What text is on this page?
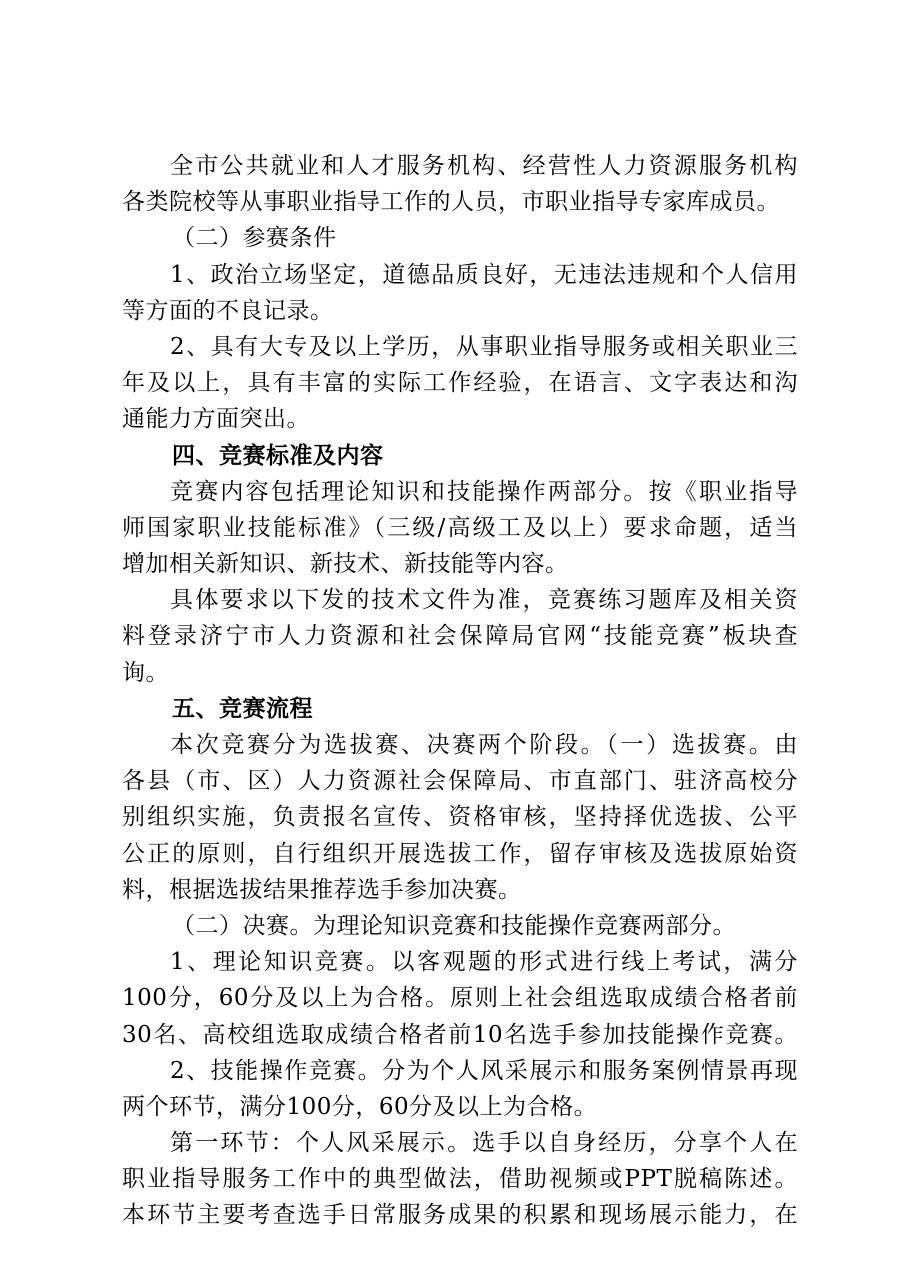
全市公共就业和人才服务机构、经营性人力资源服务机构
各类院校等从事职业指导工作的人员，市职业指导专家库成员。
（二）参赛条件
1、政治立场坚定，道德品质良好，无违法违规和个人信用
等方面的不良记录。
2、具有大专及以上学历，从事职业指导服务或相关职业三
年及以上，具有丰富的实际工作经验，在语言、文字表达和沟
通能力方面突出。
四、竞赛标准及内容
竞赛内容包括理论知识和技能操作两部分。按《职业指导
师国家职业技能标准》（三级/高级工及以上）要求命题，适当
增加相关新知识、新技术、新技能等内容。
具体要求以下发的技术文件为准，竞赛练习题库及相关资
料登录济宁市人力资源和社会保障局官网“技能竞赛”板块查
询。
五、竞赛流程
本次竞赛分为选拔赛、决赛两个阶段。（一）选拔赛。由
各县（市、区）人力资源社会保障局、市直部门、驻济高校分
别组织实施，负责报名宣传、资格审核，坚持择优选拔、公平
公正的原则，自行组织开展选拔工作，留存审核及选拔原始资
料，根据选拔结果推荐选手参加决赛。
（二）决赛。为理论知识竞赛和技能操作竞赛两部分。
1、理论知识竞赛。以客观题的形式进行线上考试，满分
100分，60分及以上为合格。原则上社会组选取成绩合格者前
30名、高校组选取成绩合格者前10名选手参加技能操作竞赛。
2、技能操作竞赛。分为个人风采展示和服务案例情景再现
两个环节，满分100分，60分及以上为合格。
第一环节：个人风采展示。选手以自身经历，分享个人在
职业指导服务工作中的典型做法，借助视频或PPT脱稿陈述。
本环节主要考查选手日常服务成果的积累和现场展示能力，在
